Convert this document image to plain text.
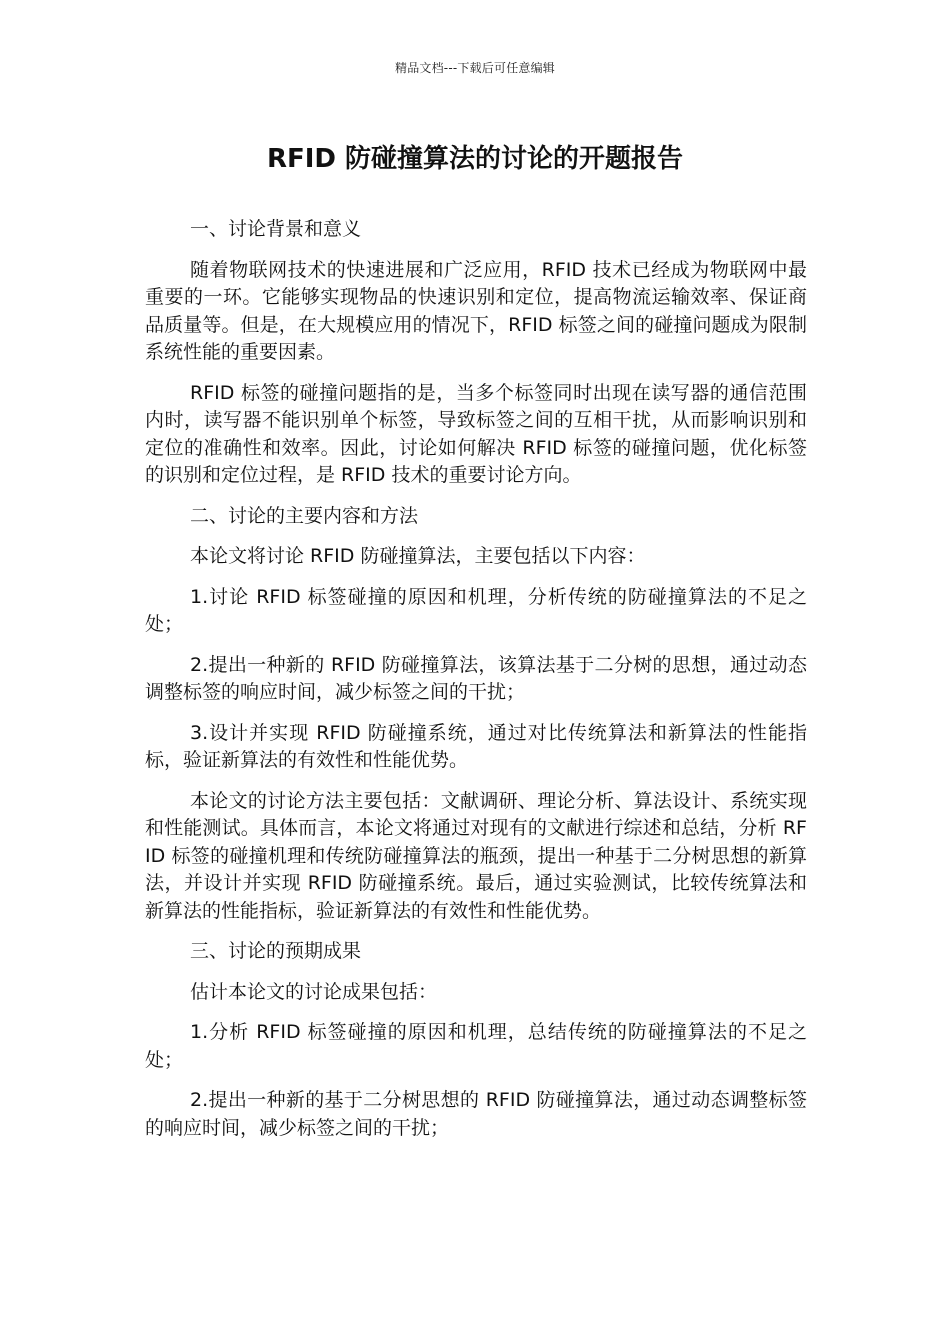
精品文档---下载后可任意编辑
RFID 防碰撞算法的讨论的开题报告

一、讨论背景和意义

随着物联网技术的快速进展和广泛应用，RFID 技术已经成为物联网中最重要的一环。它能够实现物品的快速识别和定位，提高物流运输效率、保证商品质量等。但是，在大规模应用的情况下，RFID 标签之间的碰撞问题成为限制系统性能的重要因素。

RFID 标签的碰撞问题指的是，当多个标签同时出现在读写器的通信范围内时，读写器不能识别单个标签，导致标签之间的互相干扰，从而影响识别和定位的准确性和效率。因此，讨论如何解决 RFID 标签的碰撞问题，优化标签的识别和定位过程，是 RFID 技术的重要讨论方向。

二、讨论的主要内容和方法

本论文将讨论 RFID 防碰撞算法，主要包括以下内容：

1.讨论 RFID 标签碰撞的原因和机理，分析传统的防碰撞算法的不足之处；

2.提出一种新的 RFID 防碰撞算法，该算法基于二分树的思想，通过动态调整标签的响应时间，减少标签之间的干扰；

3.设计并实现 RFID 防碰撞系统，通过对比传统算法和新算法的性能指标，验证新算法的有效性和性能优势。

本论文的讨论方法主要包括：文献调研、理论分析、算法设计、系统实现和性能测试。具体而言，本论文将通过对现有的文献进行综述和总结，分析 RFID 标签的碰撞机理和传统防碰撞算法的瓶颈，提出一种基于二分树思想的新算法，并设计并实现 RFID 防碰撞系统。最后，通过实验测试，比较传统算法和新算法的性能指标，验证新算法的有效性和性能优势。

三、讨论的预期成果

估计本论文的讨论成果包括：

1.分析 RFID 标签碰撞的原因和机理，总结传统的防碰撞算法的不足之处；

2.提出一种新的基于二分树思想的 RFID 防碰撞算法，通过动态调整标签的响应时间，减少标签之间的干扰；
